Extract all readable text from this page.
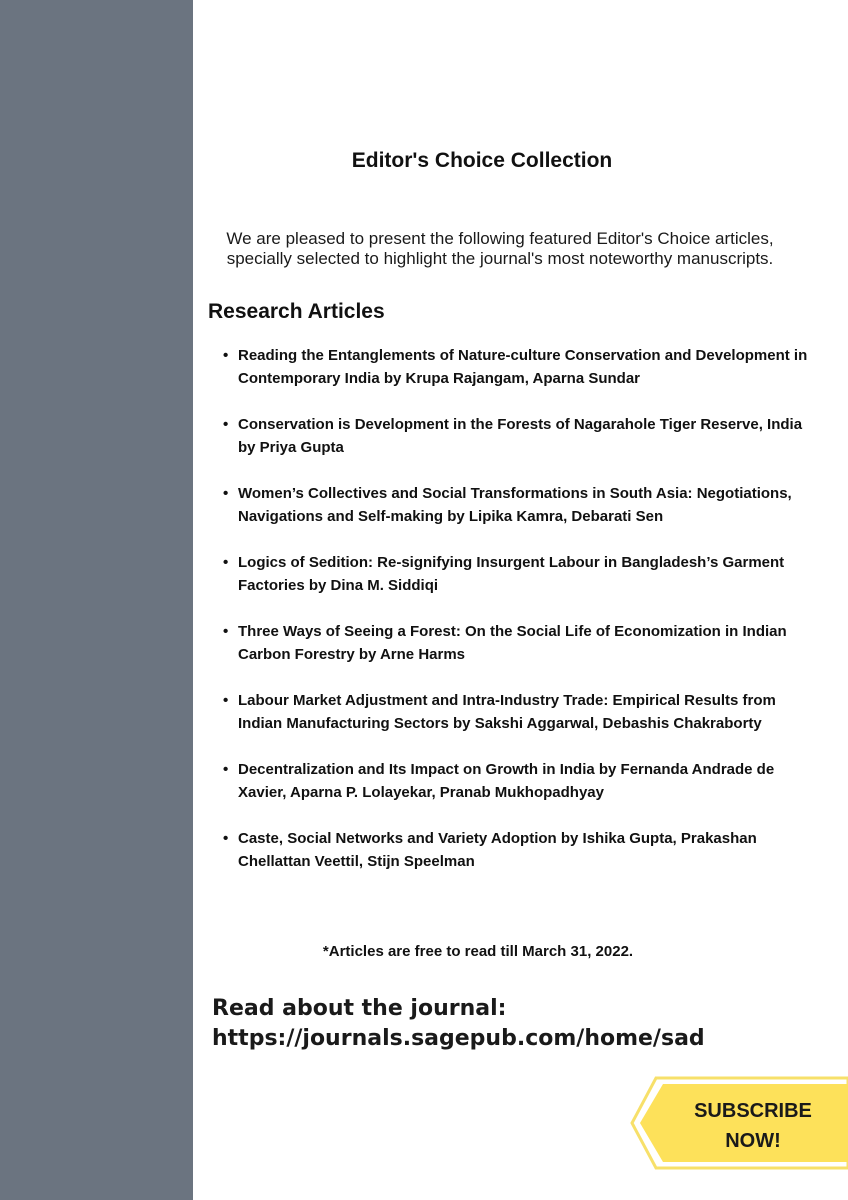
Editor's Choice Collection

We are pleased to present the following featured Editor's Choice articles, specially selected to highlight the journal's most noteworthy manuscripts.

Research Articles
• Reading the Entanglements of Nature-culture Conservation and Development in Contemporary India by Krupa Rajangam, Aparna Sundar
• Conservation is Development in the Forests of Nagarahole Tiger Reserve, India by Priya Gupta
• Women’s Collectives and Social Transformations in South Asia: Negotiations, Navigations and Self-making by Lipika Kamra, Debarati Sen
• Logics of Sedition: Re-signifying Insurgent Labour in Bangladesh’s Garment Factories by Dina M. Siddiqi
• Three Ways of Seeing a Forest: On the Social Life of Economization in Indian Carbon Forestry by Arne Harms
• Labour Market Adjustment and Intra-Industry Trade: Empirical Results from Indian Manufacturing Sectors by Sakshi Aggarwal, Debashis Chakraborty
• Decentralization and Its Impact on Growth in India by Fernanda Andrade de Xavier, Aparna P. Lolayekar, Pranab Mukhopadhyay
• Caste, Social Networks and Variety Adoption by Ishika Gupta, Prakashan Chellattan Veettil, Stijn Speelman

*Articles are free to read till March 31, 2022.

Read about the journal:
https://journals.sagepub.com/home/sad
SUBSCRIBE
NOW!
